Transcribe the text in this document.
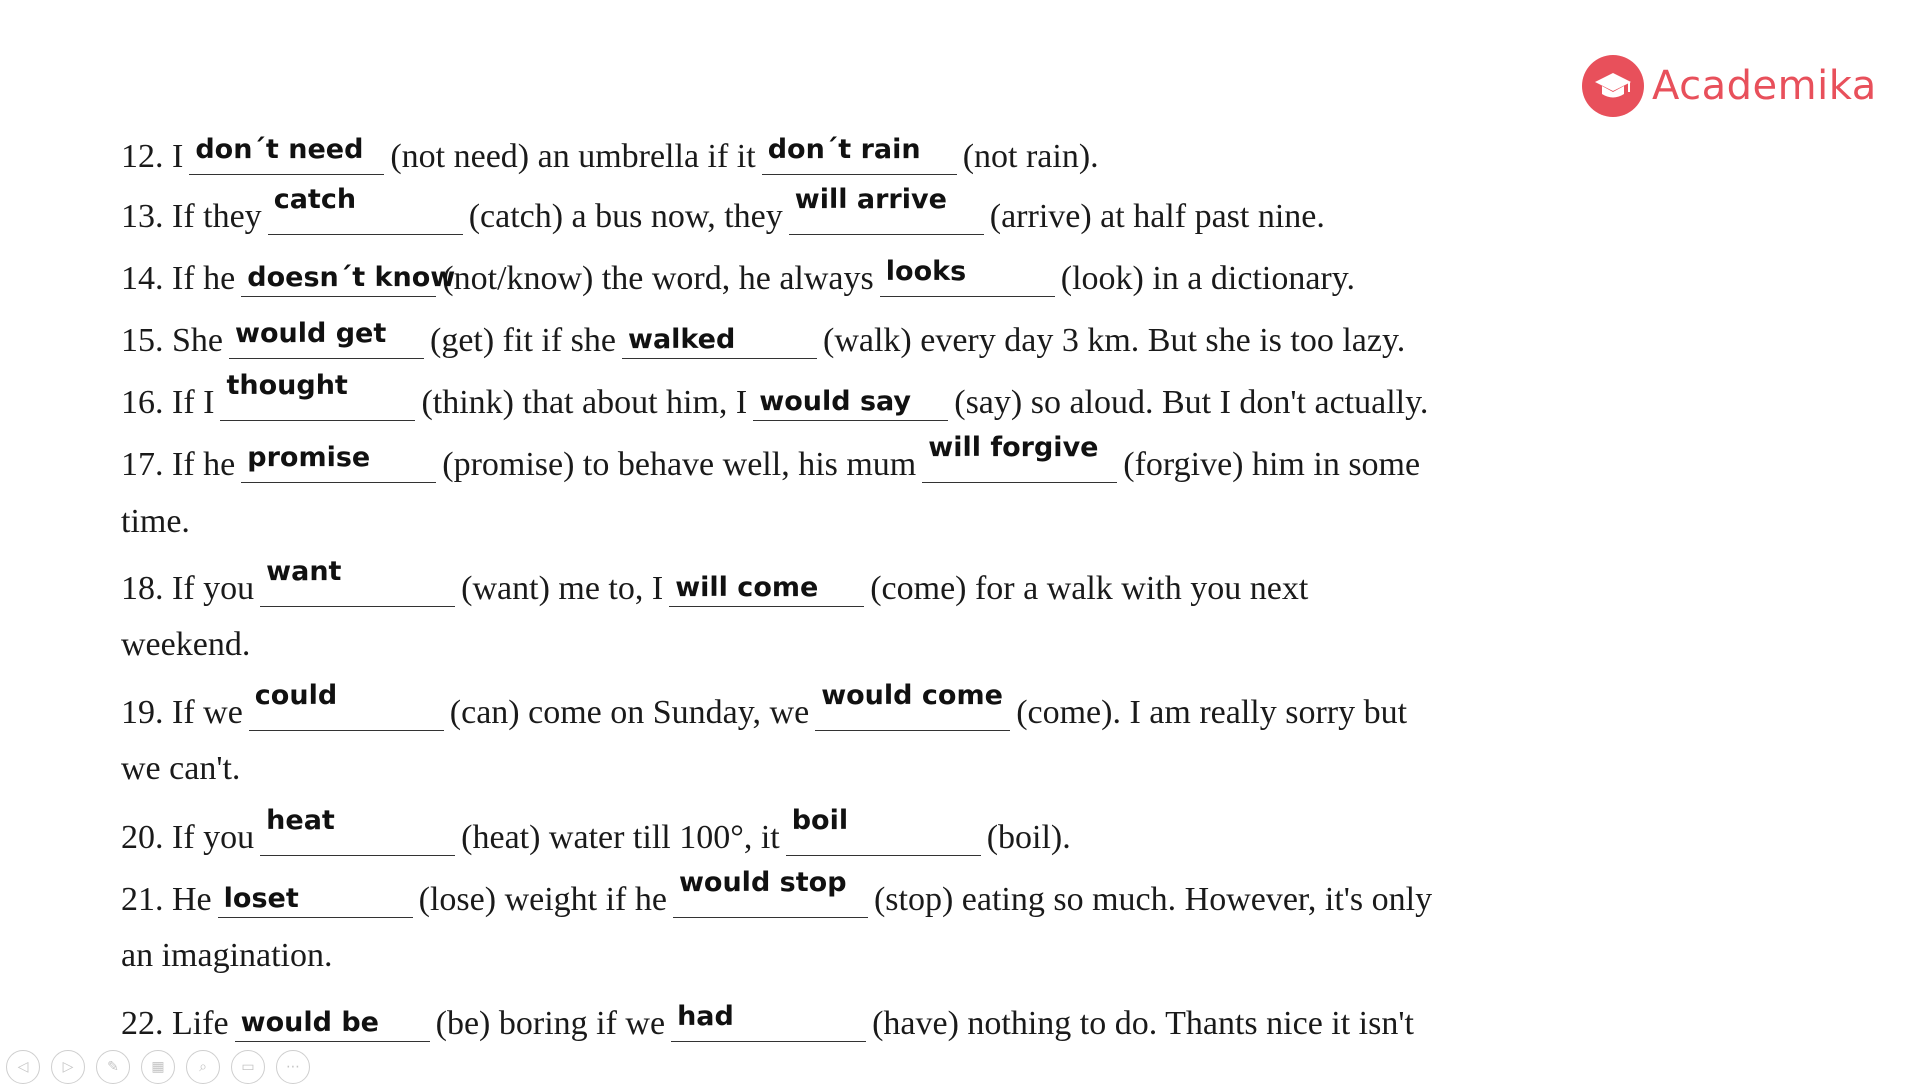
Academika
12. I don´t need (not need) an umbrella if it don´t rain (not rain).
13. If they catch	(catch) a bus now, they will arrive (arrive) at half past nine.
14. If he doesn´t know
(not/know) the word, he always looks	(look) in a dictionary.
15. She would get (get) fit if she walked	(walk) every day 3 km. But she is too lazy.
16. If I thought (think) that about him, I would say (say) so aloud. But I don't actually.
17. If he promise (promise) to behave well, his mum will forgive (forgive) him in some
time.
18. If you want	(want) me to, I will come (come) for a walk with you next
weekend.
19. If we could	(can) come on Sunday, we would come (come). I am really sorry but
we can't.
20. If you heat	(heat) water till 100°, it boil	(boil).
21. He loset	(lose) weight if he would stop (stop) eating so much. However, it's only
an imagination.
22. Life would be (be) boring if we had	(have) nothing to do. Thants nice it isn't
◁ ▷ ✎ ▦ ⌕ ▭ ⋯
